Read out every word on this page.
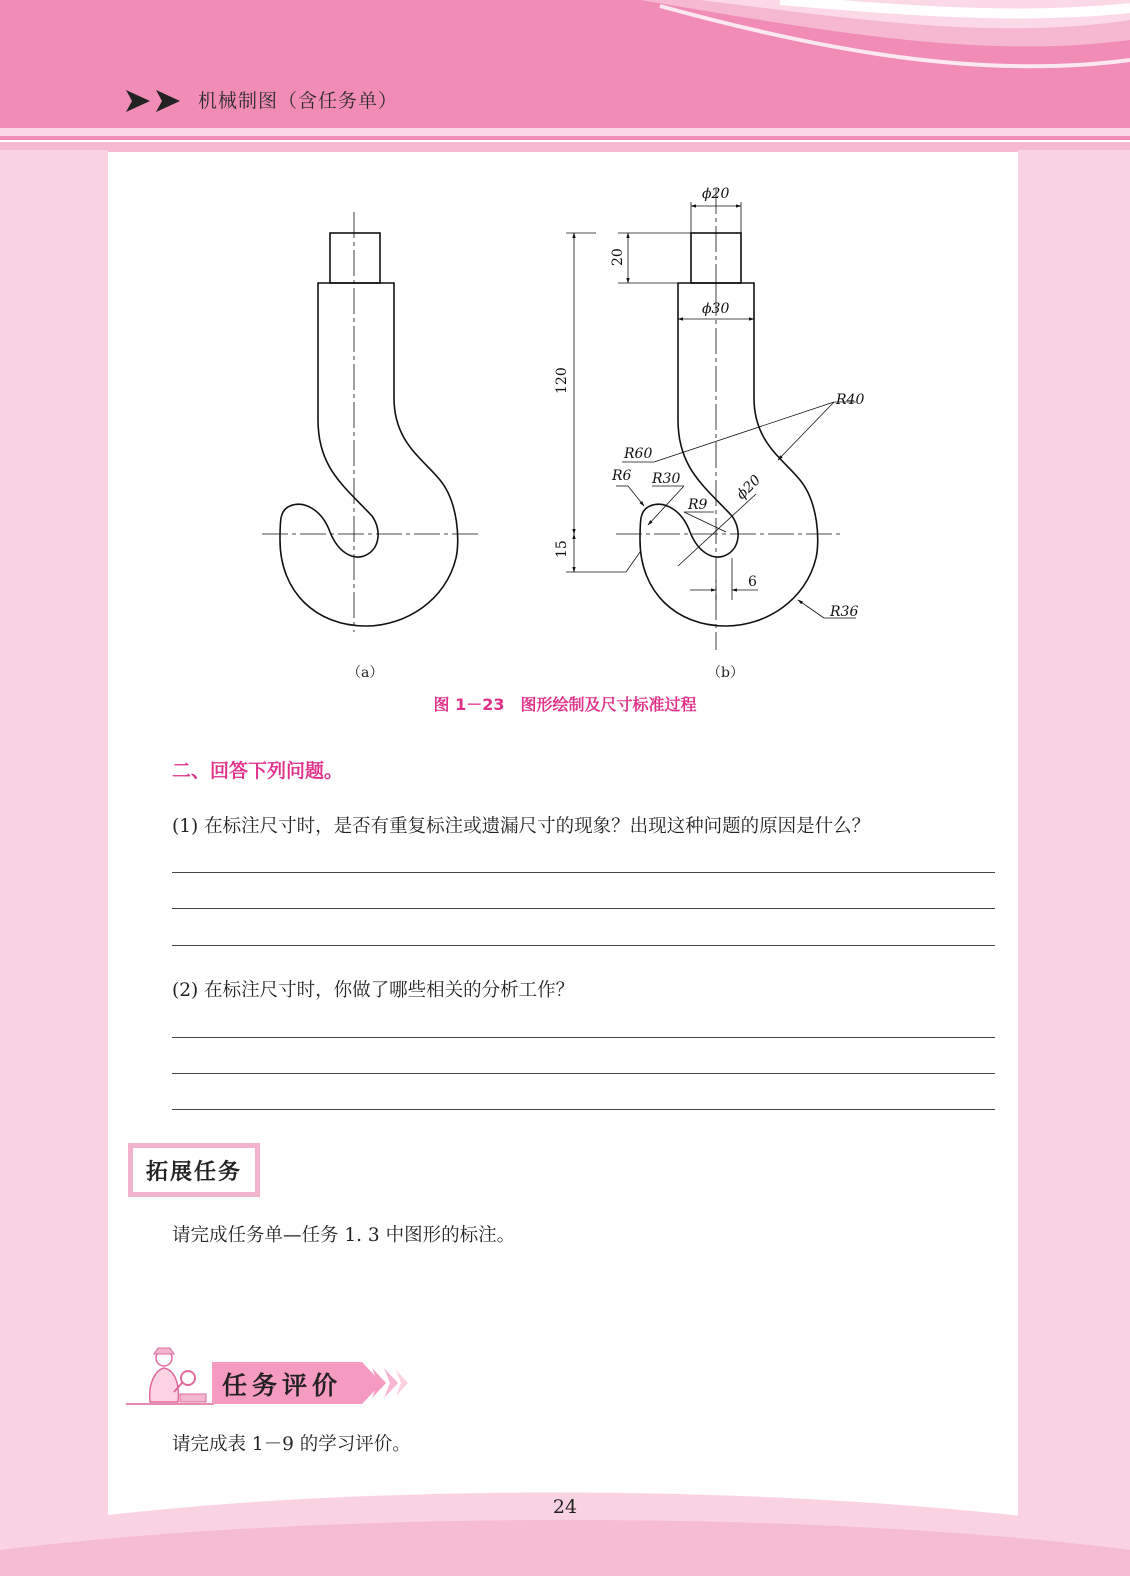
机械制图（含任务单）
ϕ20
ϕ30
20
120
R40
R60
R6 R30
R9
ϕ20
15
6
R36
（a）	（b）
图 1－23　图形绘制及尺寸标准过程
二、回答下列问题。
(1) 在标注尺寸时，是否有重复标注或遗漏尺寸的现象？出现这种问题的原因是什么？
(2) 在标注尺寸时，你做了哪些相关的分析工作？
拓展任务
请完成任务单—任务 1. 3 中图形的标注。
任务评价
请完成表 1－9 的学习评价。
24
